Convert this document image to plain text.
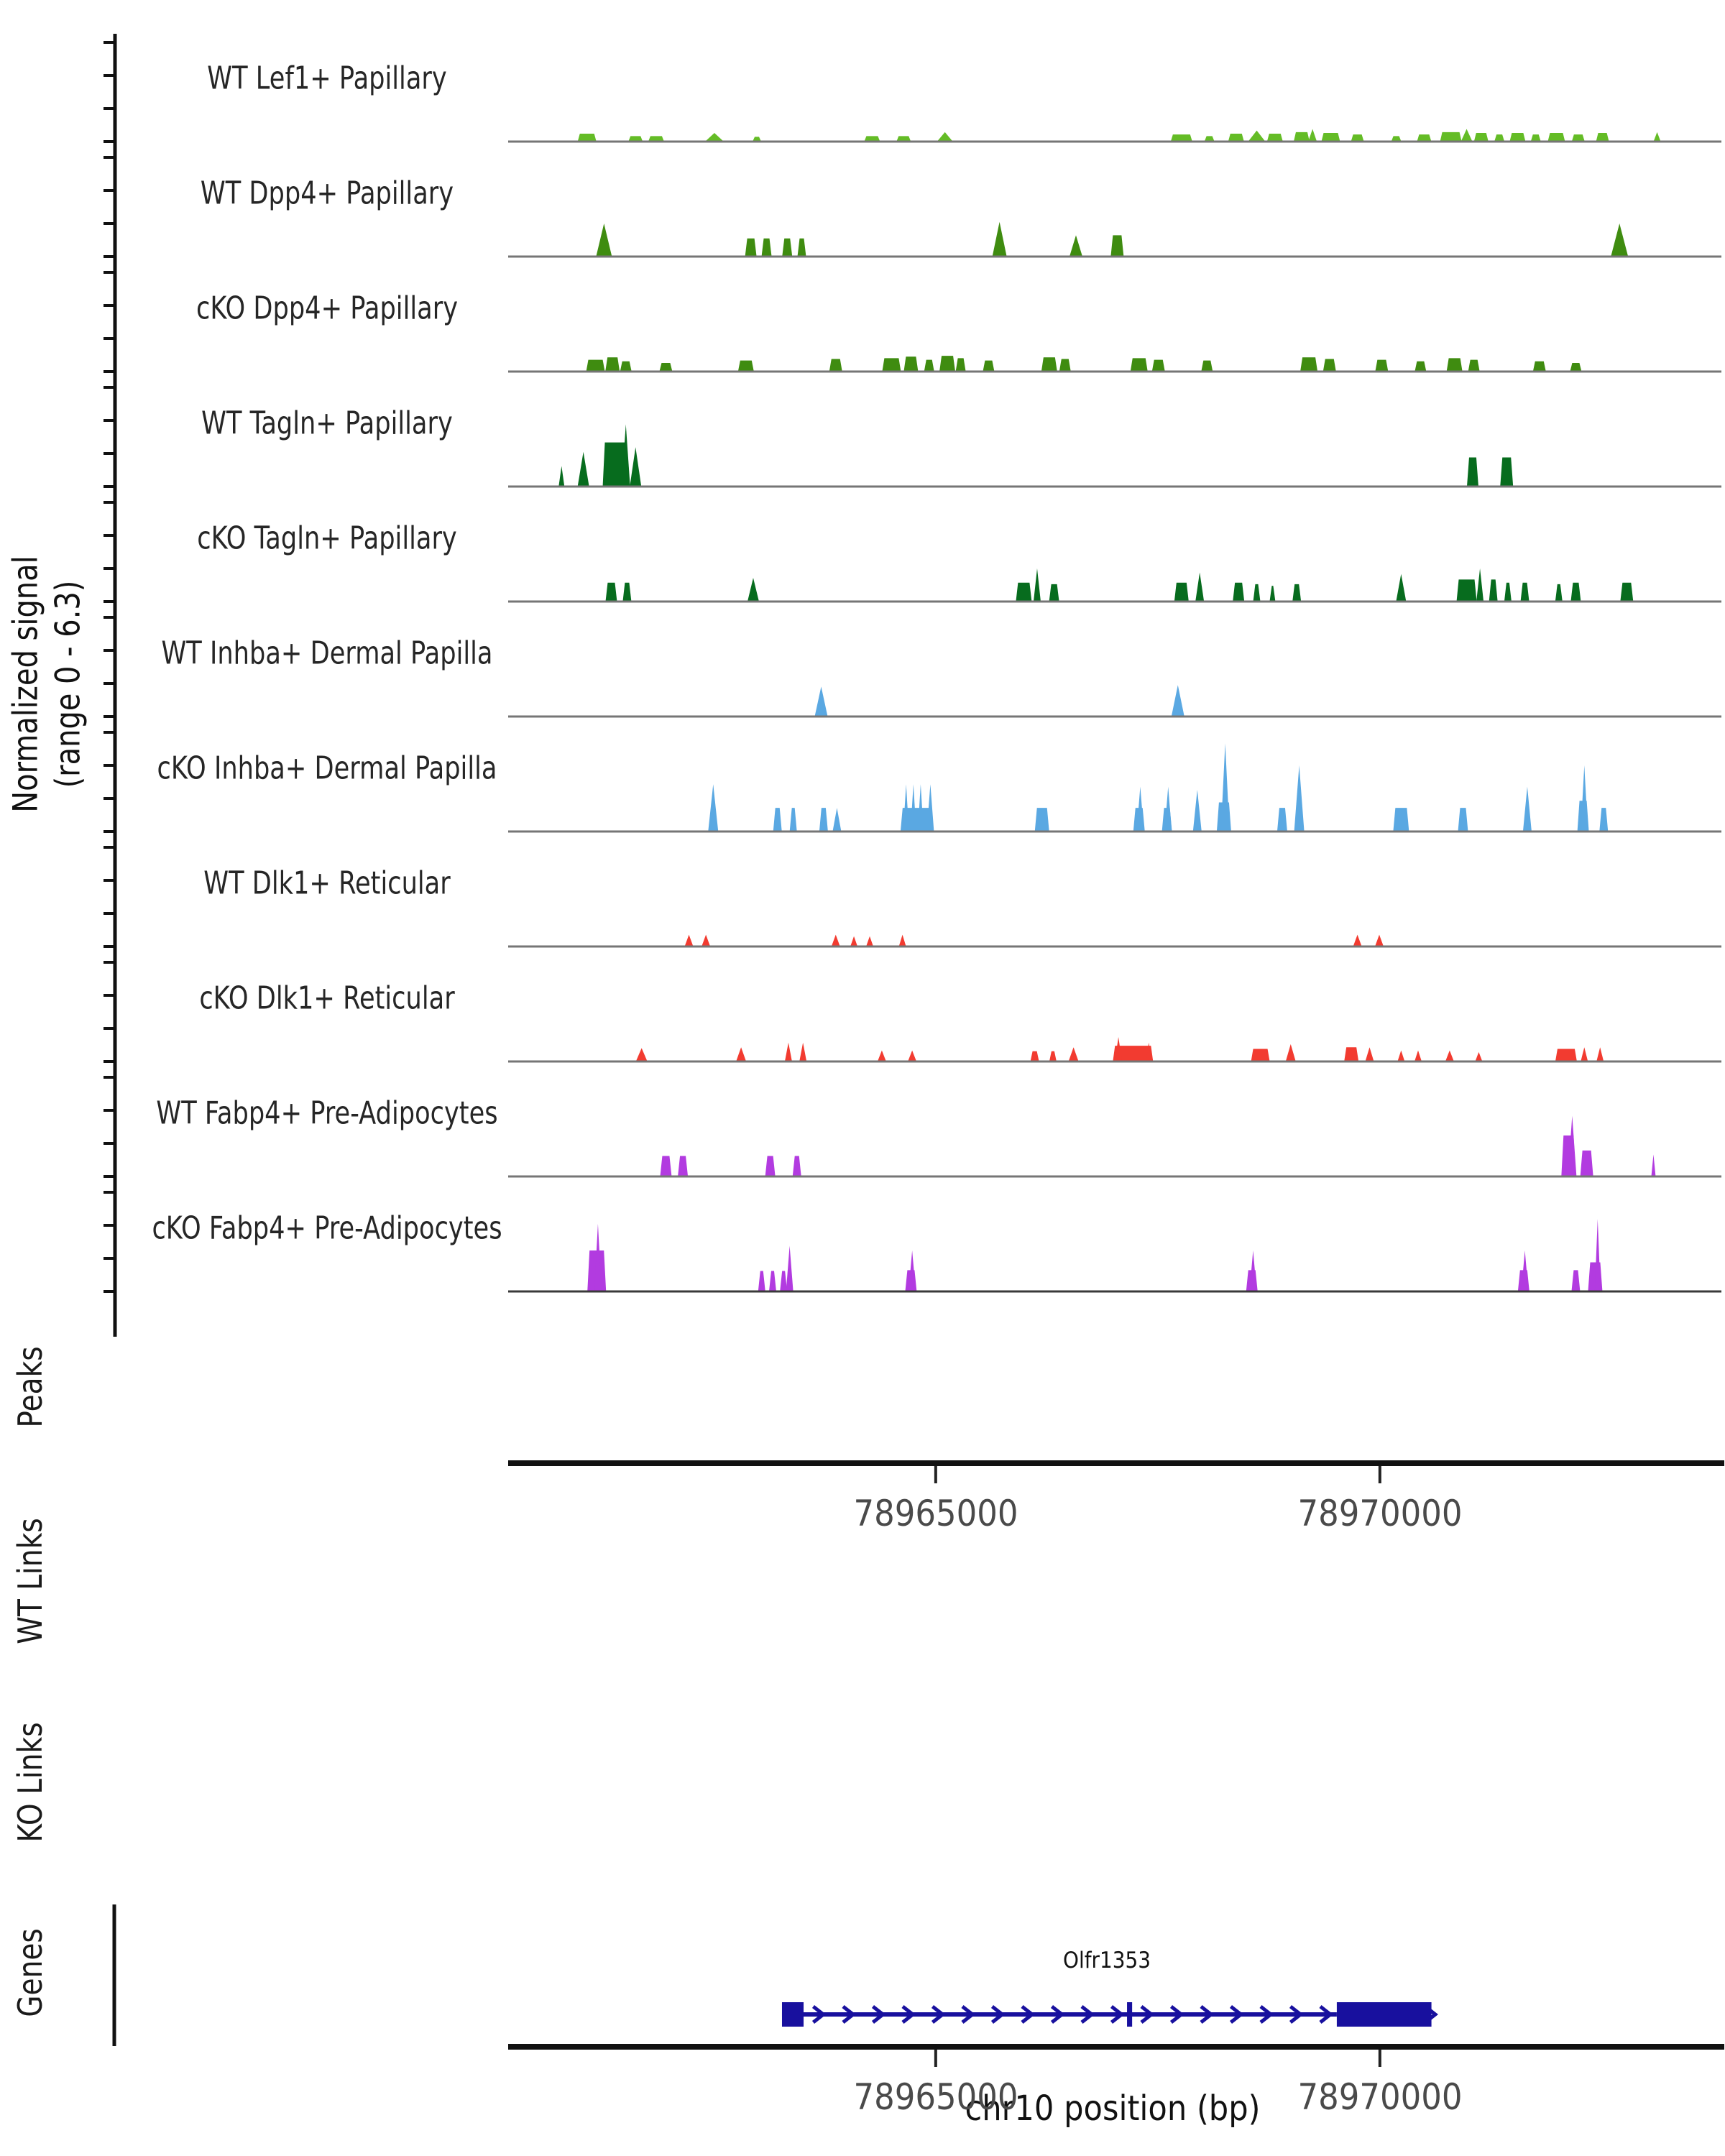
Normalized signal (range 0 - 6.3)
Peaks
WT Links
KO Links
Genes	Olfr1353
chr10 position (bp)
WT Lef1+ Papillary
WT Dpp4+ Papillary
cKO Dpp4+ Papillary
WT Tagln+ Papillary
cKO Tagln+ Papillary
WT Inhba+ Dermal Papilla
cKO Inhba+ Dermal Papilla
WT Dlk1+ Reticular
cKO Dlk1+ Reticular
WT Fabp4+ Pre-Adipocytes
cKO Fabp4+ Pre-Adipocytes
78965000	78970000
78965000	78970000
